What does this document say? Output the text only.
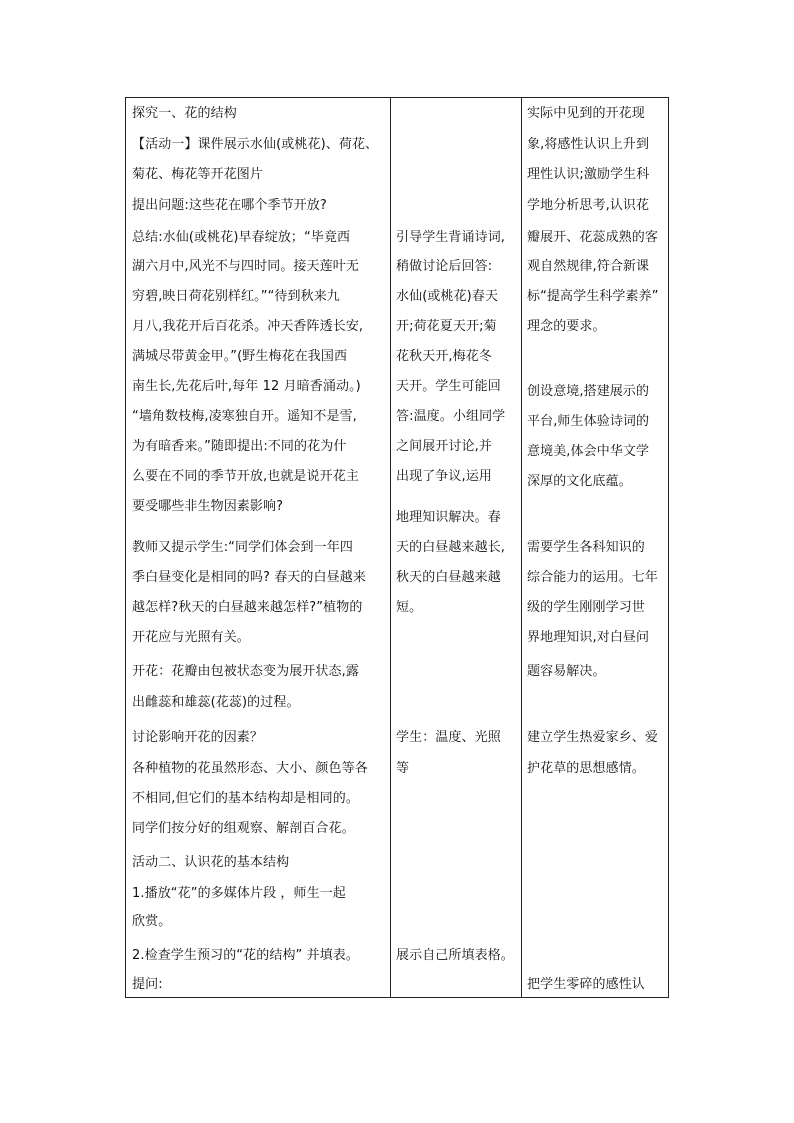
探究一、花的结构
【活动一】课件展示水仙(或桃花)、荷花、
菊花、梅花等开花图片
提出问题:这些花在哪个季节开放?
总结:水仙(或桃花)早春绽放；“毕竟西
湖六月中,风光不与四时同。接天莲叶无
穷碧,映日荷花别样红。”“待到秋来九
月八,我花开后百花杀。冲天香阵透长安,
满城尽带黄金甲。”(野生梅花在我国西
南生长,先花后叶,每年 12 月暗香涌动。)
“墙角数枝梅,凌寒独自开。遥知不是雪,
为有暗香来。”随即提出:不同的花为什
么要在不同的季节开放,也就是说开花主
要受哪些非生物因素影响?
教师又提示学生:“同学们体会到一年四
季白昼变化是相同的吗? 春天的白昼越来
越怎样?秋天的白昼越来越怎样?”植物的
开花应与光照有关。
开花：花瓣由包被状态变为展开状态,露
出雌蕊和雄蕊(花蕊)的过程。
讨论影响开花的因素？
各种植物的花虽然形态、大小、颜色等各
不相同,但它们的基本结构却是相同的。
同学们按分好的组观察、解剖百合花。
活动二、认识花的基本结构
1.播放“花”的多媒体片段 ，师生一起
欣赏。
2.检查学生预习的“花的结构” 并填表。
提问:
引导学生背诵诗词,
稍做讨论后回答:
水仙(或桃花)春天
开;荷花夏天开;菊
花秋天开,梅花冬
天开。学生可能回
答:温度。小组同学
之间展开讨论,并
出现了争议,运用
地理知识解决。春
天的白昼越来越长,
秋天的白昼越来越
短。
学生：温度、光照
等
展示自己所填表格。
实际中见到的开花现
象,将感性认识上升到
理性认识;激励学生科
学地分析思考,认识花
瓣展开、花蕊成熟的客
观自然规律,符合新课
标“提高学生科学素养”
理念的要求。
创设意境,搭建展示的
平台,师生体验诗词的
意境美,体会中华文学
深厚的文化底蕴。
需要学生各科知识的
综合能力的运用。七年
级的学生刚刚学习世
界地理知识,对白昼问
题容易解决。
建立学生热爱家乡、爱
护花草的思想感情。
把学生零碎的感性认
